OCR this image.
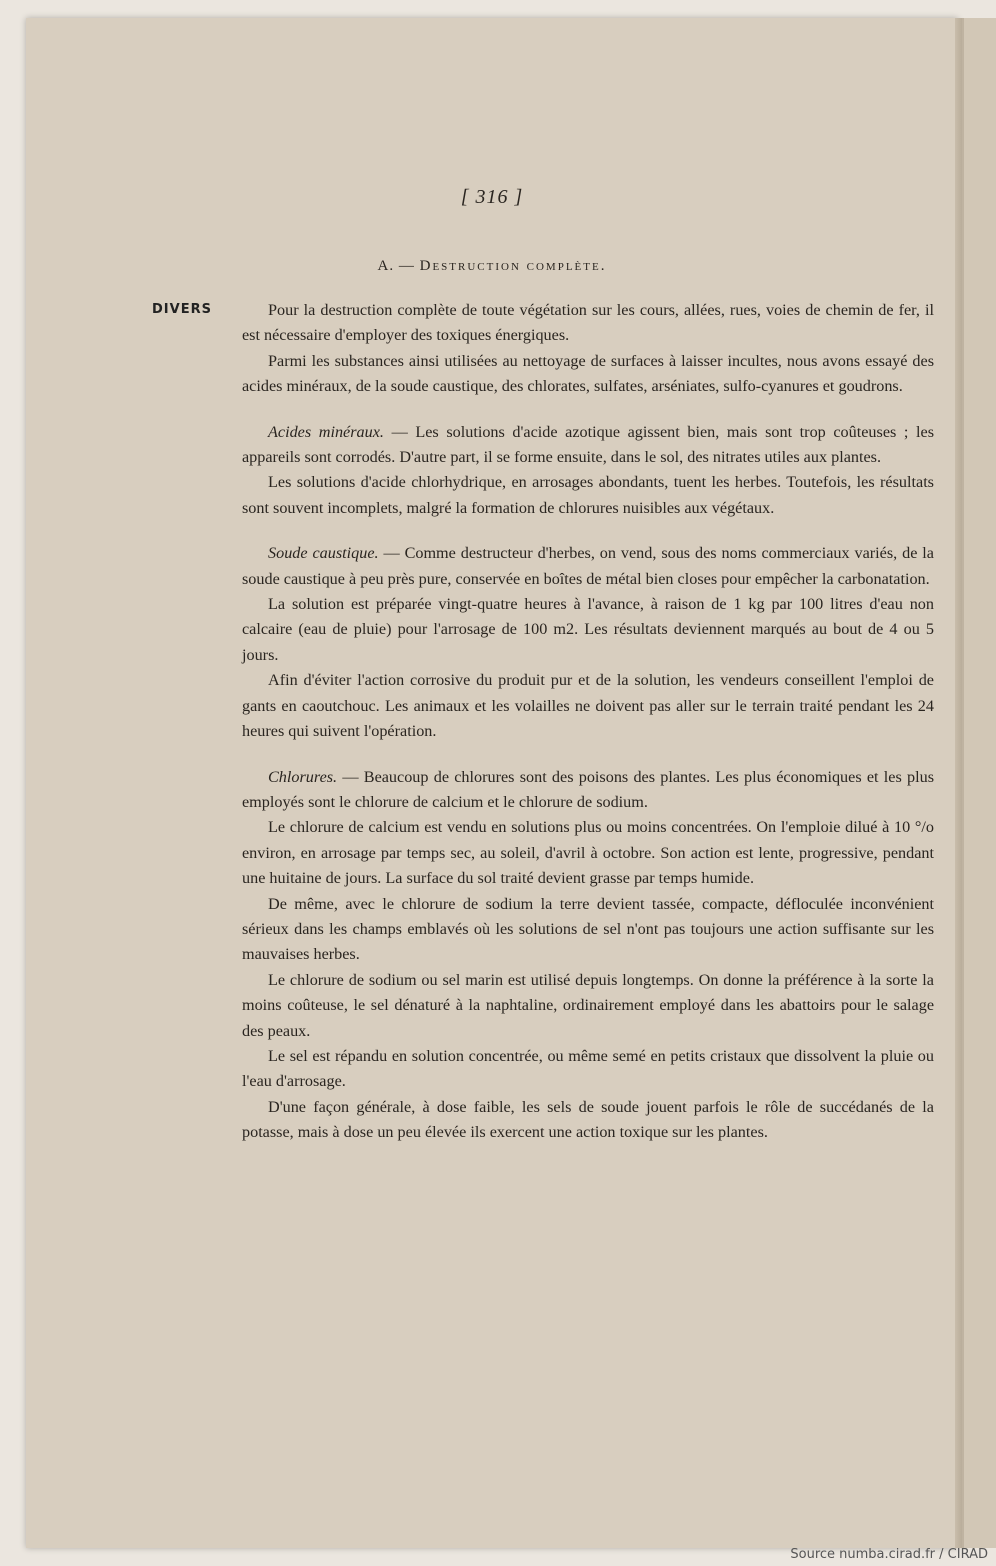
[ 316 ]
A. — Destruction complète.
DIVERS	Pour la destruction complète de toute végétation sur les cours, allées, rues, voies de chemin de fer, il est nécessaire d'employer des toxiques énergiques.

Parmi les substances ainsi utilisées au nettoyage de surfaces à laisser incultes, nous avons essayé des acides minéraux, de la soude caustique, des chlorates, sulfates, arséniates, sulfo-cyanures et goudrons.

Acides minéraux. — Les solutions d'acide azotique agissent bien, mais sont trop coûteuses ; les appareils sont corrodés. D'autre part, il se forme ensuite, dans le sol, des nitrates utiles aux plantes.

Les solutions d'acide chlorhydrique, en arrosages abondants, tuent les herbes. Toutefois, les résultats sont souvent incomplets, malgré la formation de chlorures nuisibles aux végétaux.

Soude caustique. — Comme destructeur d'herbes, on vend, sous des noms commerciaux variés, de la soude caustique à peu près pure, conservée en boîtes de métal bien closes pour empêcher la carbonatation.

La solution est préparée vingt-quatre heures à l'avance, à raison de 1 kg par 100 litres d'eau non calcaire (eau de pluie) pour l'arrosage de 100 m2. Les résultats deviennent marqués au bout de 4 ou 5 jours.

Afin d'éviter l'action corrosive du produit pur et de la solution, les vendeurs conseillent l'emploi de gants en caoutchouc. Les animaux et les volailles ne doivent pas aller sur le terrain traité pendant les 24 heures qui suivent l'opération.

Chlorures. — Beaucoup de chlorures sont des poisons des plantes. Les plus économiques et les plus employés sont le chlorure de calcium et le chlorure de sodium.

Le chlorure de calcium est vendu en solutions plus ou moins concentrées. On l'emploie dilué à 10 °/o environ, en arrosage par temps sec, au soleil, d'avril à octobre. Son action est lente, progressive, pendant une huitaine de jours. La surface du sol traité devient grasse par temps humide.

De même, avec le chlorure de sodium la terre devient tassée, compacte, défloculée inconvénient sérieux dans les champs emblavés où les solutions de sel n'ont pas toujours une action suffisante sur les mauvaises herbes.

Le chlorure de sodium ou sel marin est utilisé depuis longtemps. On donne la préférence à la sorte la moins coûteuse, le sel dénaturé à la naphtaline, ordinairement employé dans les abattoirs pour le salage des peaux.

Le sel est répandu en solution concentrée, ou même semé en petits cristaux que dissolvent la pluie ou l'eau d'arrosage.

D'une façon générale, à dose faible, les sels de soude jouent parfois le rôle de succédanés de la potasse, mais à dose un peu élevée ils exercent une action toxique sur les plantes.

Source numba.cirad.fr / CIRAD
